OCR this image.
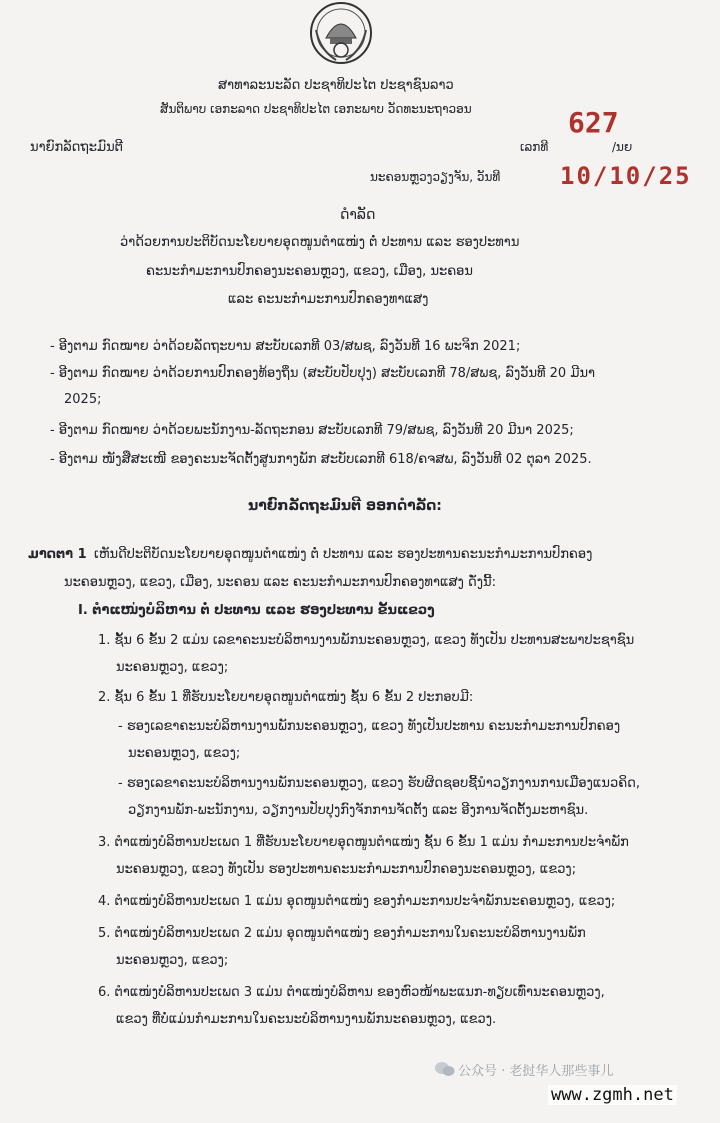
ສາທາລະນະລັດ ປະຊາທິປະໄຕ ປະຊາຊົນລາວ
ສັນຕິພາບ ເອກະລາດ ປະຊາທິປະໄຕ ເອກະພາບ ວັດທະນະຖາວອນ
ນາຍົກລັດຖະມົນຕີ	ເລກທີ
627
/ນຍ
ນະຄອນຫຼວງວຽງຈັນ, ວັນທີ 10/10/25
ດຳລັດ
ວ່າດ້ວຍການປະຕິບັດນະໂຍບາຍອຸດໜູນຕຳແໜ່ງ ຕໍ່ ປະທານ ແລະ ຮອງປະທານ
ຄະນະກຳມະການປົກຄອງນະຄອນຫຼວງ, ແຂວງ, ເມືອງ, ນະຄອນ
ແລະ ຄະນະກຳມະການປົກຄອງທາແສງ
- ອີງຕາມ ກົດໝາຍ ວ່າດ້ວຍລັດຖະບານ ສະບັບເລກທີ 03/ສພຊ, ລົງວັນທີ 16 ພະຈິກ 2021;
- ອີງຕາມ ກົດໝາຍ ວ່າດ້ວຍການປົກຄອງທ້ອງຖິ່ນ (ສະບັບປັບປຸງ) ສະບັບເລກທີ 78/ສພຊ, ລົງວັນທີ 20 ມີນາ
2025;
- ອີງຕາມ ກົດໝາຍ ວ່າດ້ວຍພະນັກງານ-ລັດຖະກອນ ສະບັບເລກທີ 79/ສພຊ, ລົງວັນທີ 20 ມີນາ 2025;
- ອີງຕາມ ໜັງສືສະເໜີ ຂອງຄະນະຈັດຕັ້ງສູນກາງພັກ ສະບັບເລກທີ 618/ຄຈສພ, ລົງວັນທີ 02 ຕຸລາ 2025.
ນາຍົກລັດຖະມົນຕີ ອອກດຳລັດ:
ມາດຕາ 1 ເຫັນດີປະຕິບັດນະໂຍບາຍອຸດໜູນຕຳແໜ່ງ ຕໍ່ ປະທານ ແລະ ຮອງປະທານຄະນະກຳມະການປົກຄອງ
ນະຄອນຫຼວງ, ແຂວງ, ເມືອງ, ນະຄອນ ແລະ ຄະນະກຳມະການປົກຄອງທາແສງ ດັ່ງນີ້:
I. ຕຳແໜ່ງບໍລິຫານ ຕໍ່ ປະທານ ແລະ ຮອງປະທານ ຂັ້ນແຂວງ
1. ຊັ້ນ 6 ຂັ້ນ 2 ແມ່ນ ເລຂາຄະນະບໍລິຫານງານພັກນະຄອນຫຼວງ, ແຂວງ ທັງເປັນ ປະທານສະພາປະຊາຊົນ
ນະຄອນຫຼວງ, ແຂວງ;
2. ຊັ້ນ 6 ຂັ້ນ 1 ທີ່ຮັບນະໂຍບາຍອຸດໜູນຕຳແໜ່ງ ຊັ້ນ 6 ຂັ້ນ 2 ປະກອບມີ:
- ຮອງເລຂາຄະນະບໍລິຫານງານພັກນະຄອນຫຼວງ, ແຂວງ ທັງເປັນປະທານ ຄະນະກຳມະການປົກຄອງ
ນະຄອນຫຼວງ, ແຂວງ;
- ຮອງເລຂາຄະນະບໍລິຫານງານພັກນະຄອນຫຼວງ, ແຂວງ ຮັບຜິດຊອບຊີ້ນຳວຽກງານການເມືອງແນວຄິດ,
ວຽກງານພັກ-ພະນັກງານ, ວຽກງານປັບປຸງກົງຈັກການຈັດຕັ້ງ ແລະ ອີງການຈັດຕັ້ງມະຫາຊົນ.
3. ຕຳແໜ່ງບໍລິຫານປະເພດ 1 ທີ່ຮັບນະໂຍບາຍອຸດໜູນຕຳແໜ່ງ ຊັ້ນ 6 ຂັ້ນ 1 ແມ່ນ ກຳມະການປະຈຳພັກ
ນະຄອນຫຼວງ, ແຂວງ ທັງເປັນ ຮອງປະທານຄະນະກຳມະການປົກຄອງນະຄອນຫຼວງ, ແຂວງ;
4. ຕຳແໜ່ງບໍລິຫານປະເພດ 1 ແມ່ນ ອຸດໜູນຕຳແໜ່ງ ຂອງກຳມະການປະຈຳພັກນະຄອນຫຼວງ, ແຂວງ;
5. ຕຳແໜ່ງບໍລິຫານປະເພດ 2 ແມ່ນ ອຸດໜູນຕຳແໜ່ງ ຂອງກຳມະການໃນຄະນະບໍລິຫານງານພັກ
ນະຄອນຫຼວງ, ແຂວງ;
6. ຕຳແໜ່ງບໍລິຫານປະເພດ 3 ແມ່ນ ຕຳແໜ່ງບໍລິຫານ ຂອງຫົວໜ້າພະແນກ-ທຽບເທົ່ານະຄອນຫຼວງ,
ແຂວງ ທີ່ບໍ່ແມ່ນກຳມະການໃນຄະນະບໍລິຫານງານພັກນະຄອນຫຼວງ, ແຂວງ.
公众号 · 老挝华人那些事儿
www.zgmh.net
